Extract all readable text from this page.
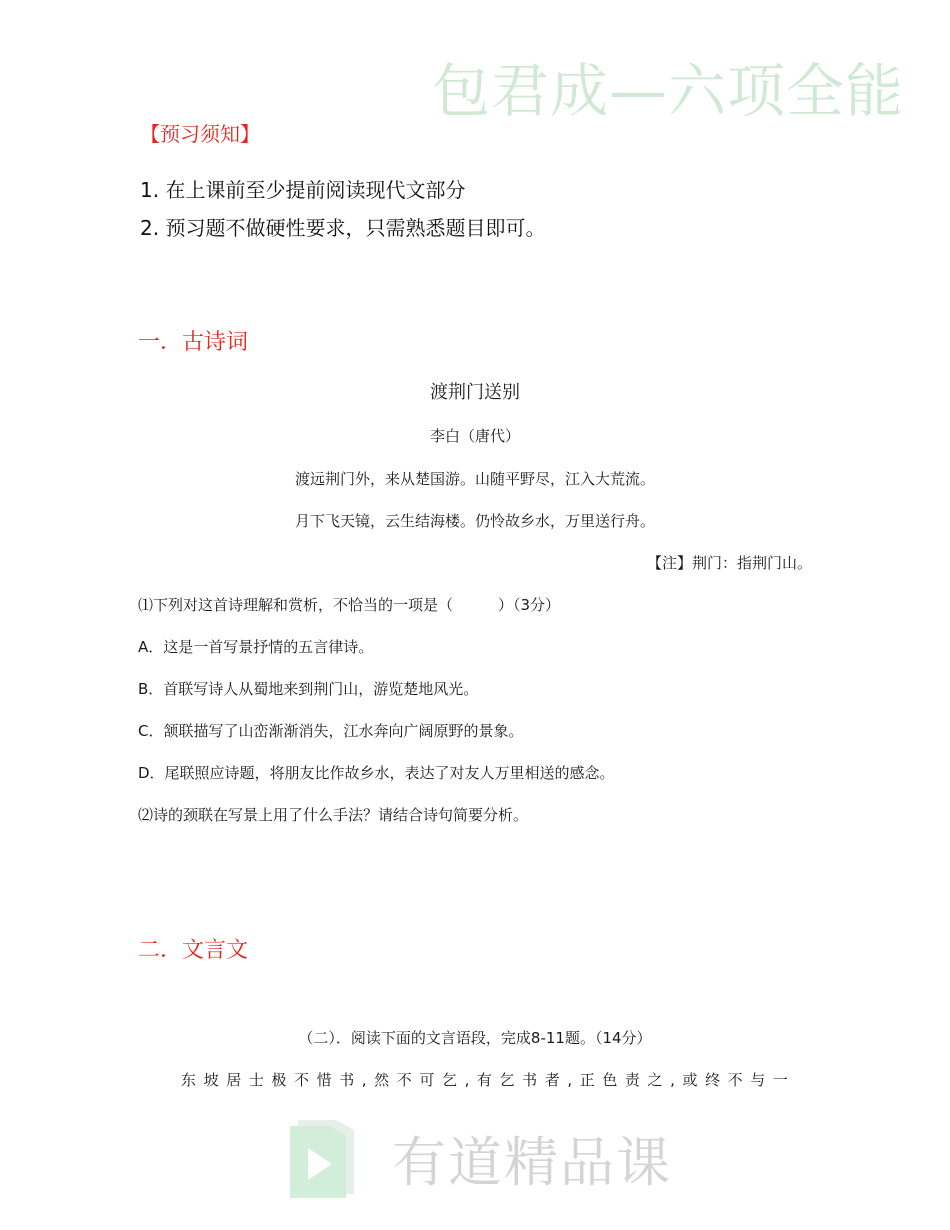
包君成—六项全能
【预习须知】
1. 在上课前至少提前阅读现代文部分
2. 预习题不做硬性要求，只需熟悉题目即可。
一．古诗词
渡荆门送别
李白（唐代）
渡远荆门外，来从楚国游。山随平野尽，江入大荒流。
月下飞天镜，云生结海楼。仍怜故乡水，万里送行舟。
【注】荆门：指荆门山。
⑴下列对这首诗理解和赏析，不恰当的一项是（　　　）（3分）
A．这是一首写景抒情的五言律诗。
B．首联写诗人从蜀地来到荆门山，游览楚地风光。
C．颔联描写了山峦渐渐消失，江水奔向广阔原野的景象。
D．尾联照应诗题，将朋友比作故乡水，表达了对友人万里相送的感念。
⑵诗的颈联在写景上用了什么手法？请结合诗句简要分析。
二．文言文
（二）．阅读下面的文言语段，完成8-11题。（14分）
东坡居士极不惜书,然不可乞,有乞书者,正色责之,或终不与一
有道精品课
